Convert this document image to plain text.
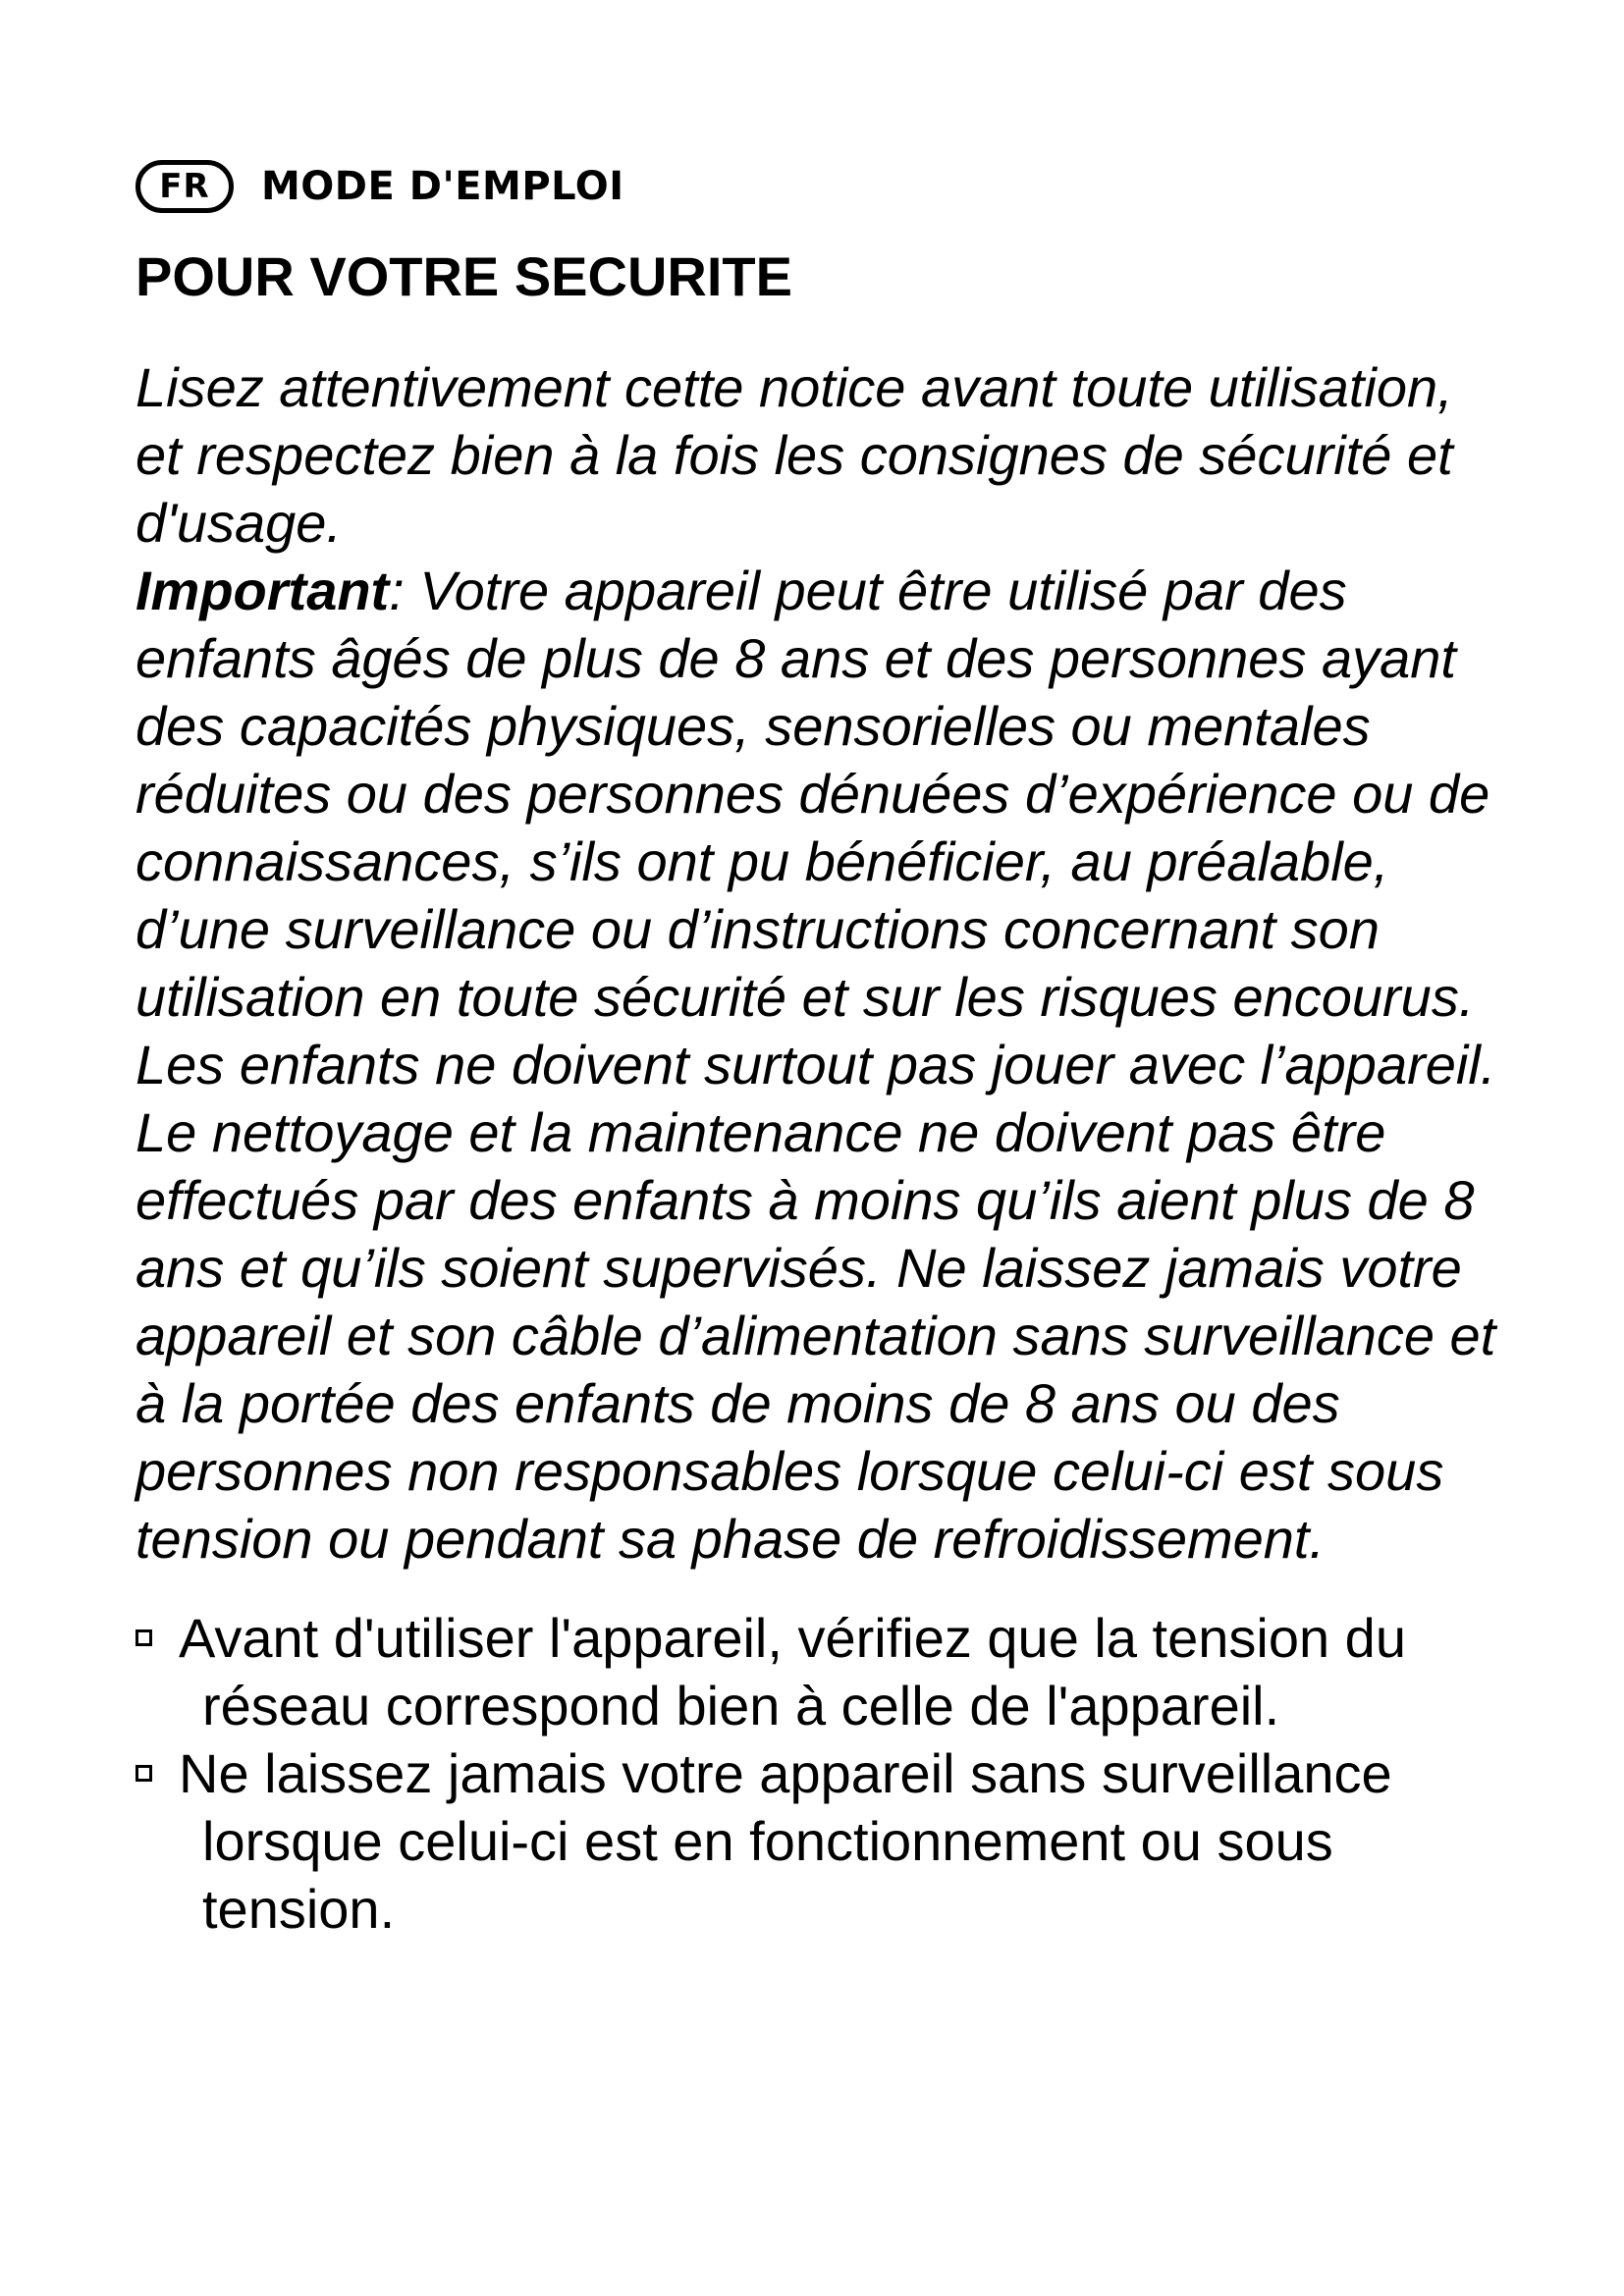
FR	MODE D'EMPLOI
POUR VOTRE SECURITE

Lisez attentivement cette notice avant toute utilisation, et respectez bien à la fois les consignes de sécurité et d'usage.

Important: Votre appareil peut être utilisé par des enfants âgés de plus de 8 ans et des personnes ayant des capacités physiques, sensorielles ou mentales réduites ou des personnes dénuées d’expérience ou de connaissances, s’ils ont pu bénéficier, au préalable, d’une surveillance ou d’instructions concernant son utilisation en toute sécurité et sur les risques encourus. Les enfants ne doivent surtout pas jouer avec l’appareil. Le nettoyage et la maintenance ne doivent pas être effectués par des enfants à moins qu’ils aient plus de 8 ans et qu’ils soient supervisés. Ne laissez jamais votre appareil et son câble d’alimentation sans surveillance et à la portée des enfants de moins de 8 ans ou des personnes non responsables lorsque celui-ci est sous tension ou pendant sa phase de refroidissement.

Avant d'utiliser l'appareil, vérifiez que la tension du réseau correspond bien à celle de l'appareil.

Ne laissez jamais votre appareil sans surveillance lorsque celui-ci est en fonctionnement ou sous tension.
